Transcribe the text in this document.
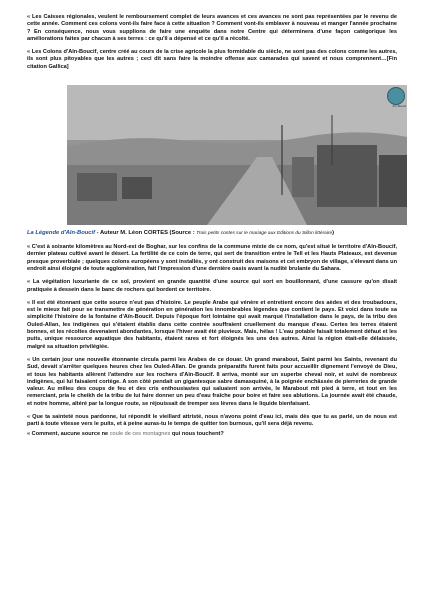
« Les Caisses régionales, veulent le remboursement complet de leurs avances et ces avances ne sont pas représentées par le revenu de cette année. Comment ces colons vont-ils faire face à cette situation ? Comment vont-ils emblaver à nouveau et manger l'année prochaine ? En conséquence, nous vous supplions de faire une enquête dans notre Centre qui déterminera d'une façon catégorique les améliorations faites par chacun à ses terres : ce qu'il a dépensé et ce qu'il a récolté.

« Les Colons d'Aïn-Boucif, centre créé au cours de la crise agricole la plus formidable du siècle, ne sont pas des colons comme les autres, ils sont plus pitoyables que les autres ; ceci dit sans faire la moindre offense aux camarades qui savent et nous comprennent…[Fin citation Gallica]

Aïn Boucif
La Légende d'Aïn-Boucif - Auteur M. Léon CORTES (Source : Trois petits contes sur le mariage aux Editions du Sillon littéraire)

« C'est à soixante kilomètres au Nord-est de Boghar, sur les confins de la commune mixte de ce nom, qu'est situé le territoire d'Aïn-Boucif, dernier plateau cultivé avant le désert. La fertilité de ce coin de terre, qui sert de transition entre le Tell et les Hauts Plateaux, est devenue presque proverbiale ; quelques colons européens y sont installés, y ont construit des maisons et cet embryon de village, s'élevant dans un endroit ainsi éloigné de toute agglomération, fait l'impression d'une dernière oasis avant la nudité brulante du Sahara.

« La végétation luxuriante de ce sol, provient en grande quantité d'une source qui sort en bouillonnant, d'une cassure qu'on disait pratiquée à dessein dans le banc de rochers qui bordent ce territoire.

« Il est été étonnant que cette source n'eut pas d'histoire. Le peuple Arabe qui vénère et entretient encore des aèdes et des troubadours, est le mieux fait pour se transmettre de génération en génération les innombrables légendes que contient le pays. Et voici dans toute sa simplicité l'histoire de la fontaine d'Aïn-Boucif. Depuis l'époque fort lointaine qui avait marqué l'installation dans le pays, de la tribu des Ouled-Allan, les indigènes qui s'étaient établis dans cette contrée souffraient cruellement du manque d'eau. Certes les terres étaient bonnes, et les récoltes devenaient abondantes, lorsque l'hiver avait été pluvieux. Mais, hélas ! L'eau potable faisait totalement défaut et les puits, unique ressource aquatique des habitants, étaient rares et fort éloignés les uns des autres. Ainsi la région était-elle délaissée, malgré sa situation privilégiée.

« Un certain jour une nouvelle étonnante circula parmi les Arabes de ce douar. Un grand marabout, Saint parmi les Saints, revenant du Sud, devait s'arrêter quelques heures chez les Ouled-Allan. De grands préparatifs furent faits pour accueillir dignement l'envoyé de Dieu, et tous les habitants allèrent l'attendre sur les rochers d'Aïn-Boucif. Il arriva, monté sur un superbe cheval noir, et suivi de nombreux indigènes, qui lui faisaient cortège. A son côté pendait un gigantesque sabre damasquiné, à la poignée enchâssée de pierreries de grande valeur. Au milieu des coups de feu et des cris enthousiastes qui saluaient son arrivée, le Marabout mit pied à terre, et tout en les remerciant, pria le cheikh de la tribu de lui faire donner un peu d'eau fraîche pour boire et faire ses ablutions. La journée avait été chaude, et notre homme, altéré par la longue route, se réjouissait de tremper ses lèvres dans le liquide bienfaisant.

« Que ta sainteté nous pardonne, lui répondit le vieillard attristé, nous n'avons point d'eau ici, mais dès que tu as parlé, un de nous est parti à toute vitesse vers le puits, et à peine auras-tu le temps de quitter ton burnous, qu'il sera déjà revenu.

« Comment, aucune source ne coule de ces montagnes qui nous touchent?
